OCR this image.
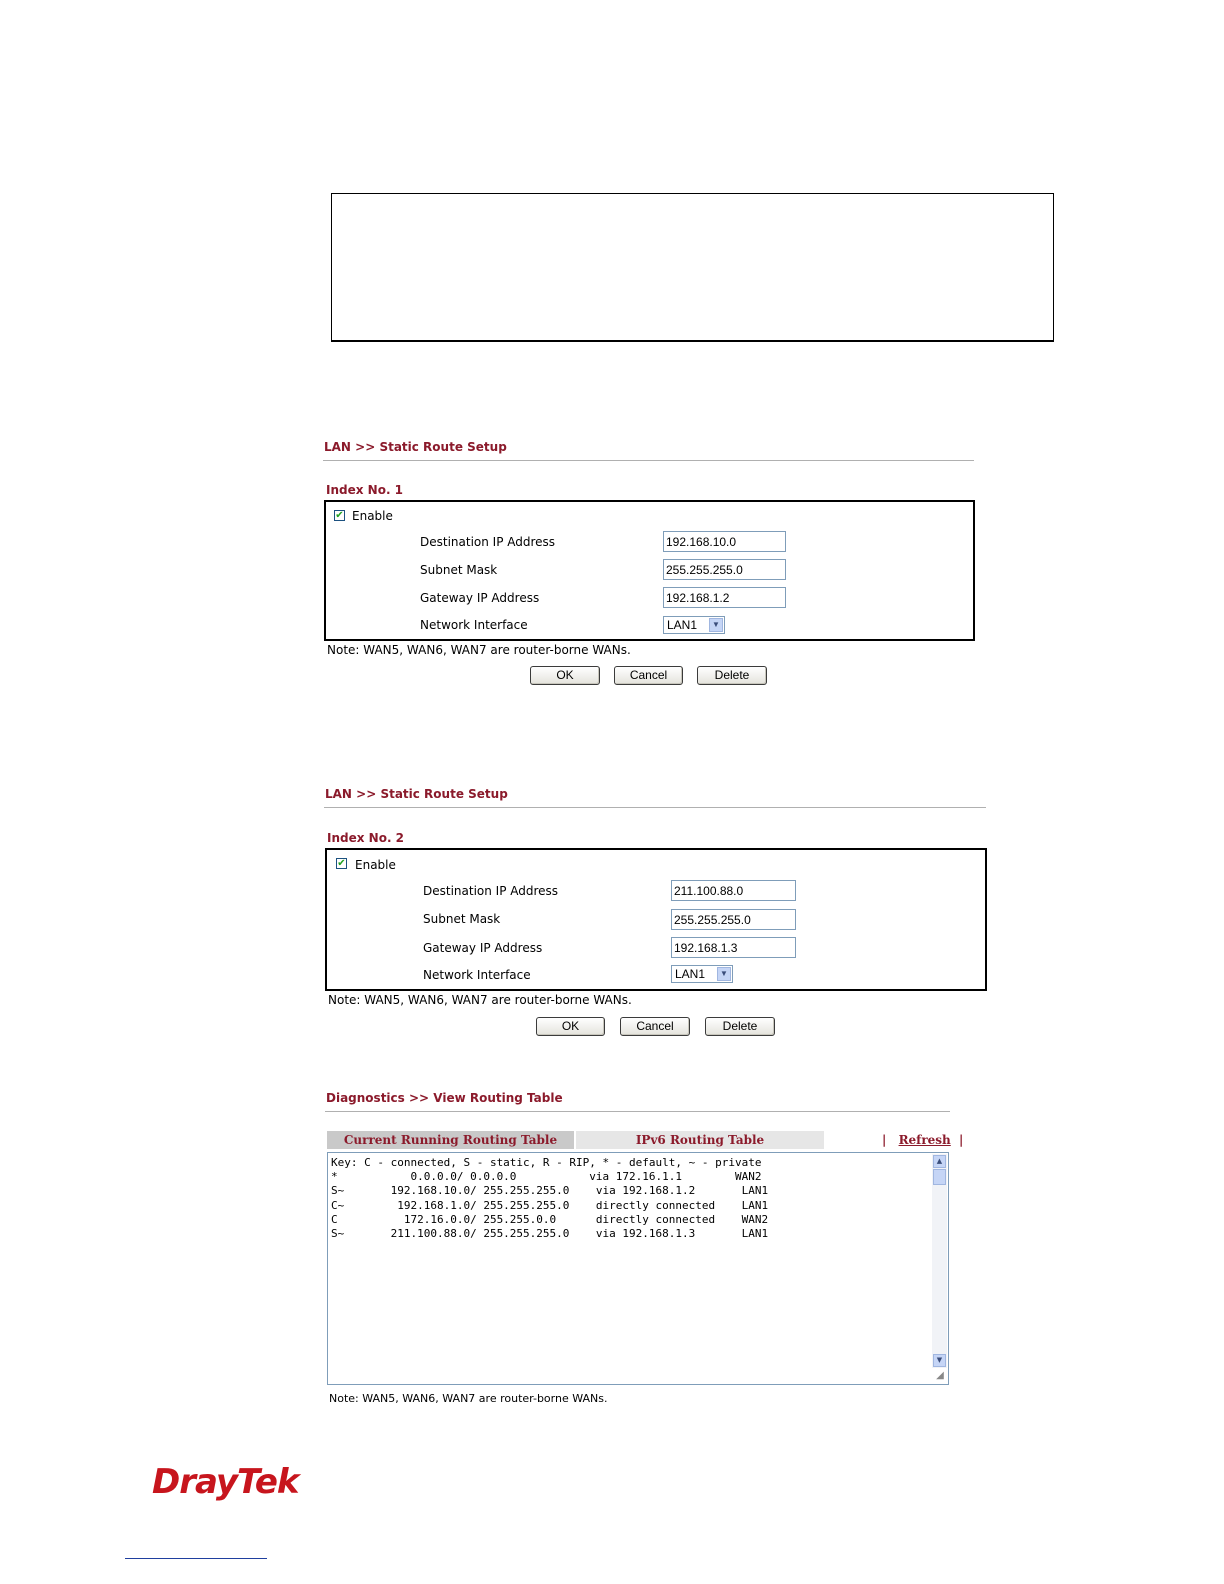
LAN >> Static Route Setup
Index No. 1
✔ Enable
Destination IP Address	192.168.10.0
Subnet Mask	255.255.255.0
Gateway IP Address	192.168.1.2
Network Interface	LAN1	▼
Note: WAN5, WAN6, WAN7 are router-borne WANs.
OK	Cancel	Delete
LAN >> Static Route Setup
Index No. 2
✔ Enable
Destination IP Address	211.100.88.0
Subnet Mask	255.255.255.0
Gateway IP Address	192.168.1.3
Network Interface	LAN1	▼
Note: WAN5, WAN6, WAN7 are router-borne WANs.
OK	Cancel	Delete
Diagnostics >> View Routing Table
Current Running Routing Table	IPv6 Routing Table	| Refresh |
Key: C - connected, S - static, R - RIP, * - default, ~ - private
*           0.0.0.0/ 0.0.0.0           via 172.16.1.1        WAN2
S~       192.168.10.0/ 255.255.255.0    via 192.168.1.2       LAN1
C~        192.168.1.0/ 255.255.255.0    directly connected    LAN1
C          172.16.0.0/ 255.255.0.0      directly connected    WAN2
S~       211.100.88.0/ 255.255.255.0    via 192.168.1.3       LAN1
▲
▼
◢
Note: WAN5, WAN6, WAN7 are router-borne WANs.
DrayTek
